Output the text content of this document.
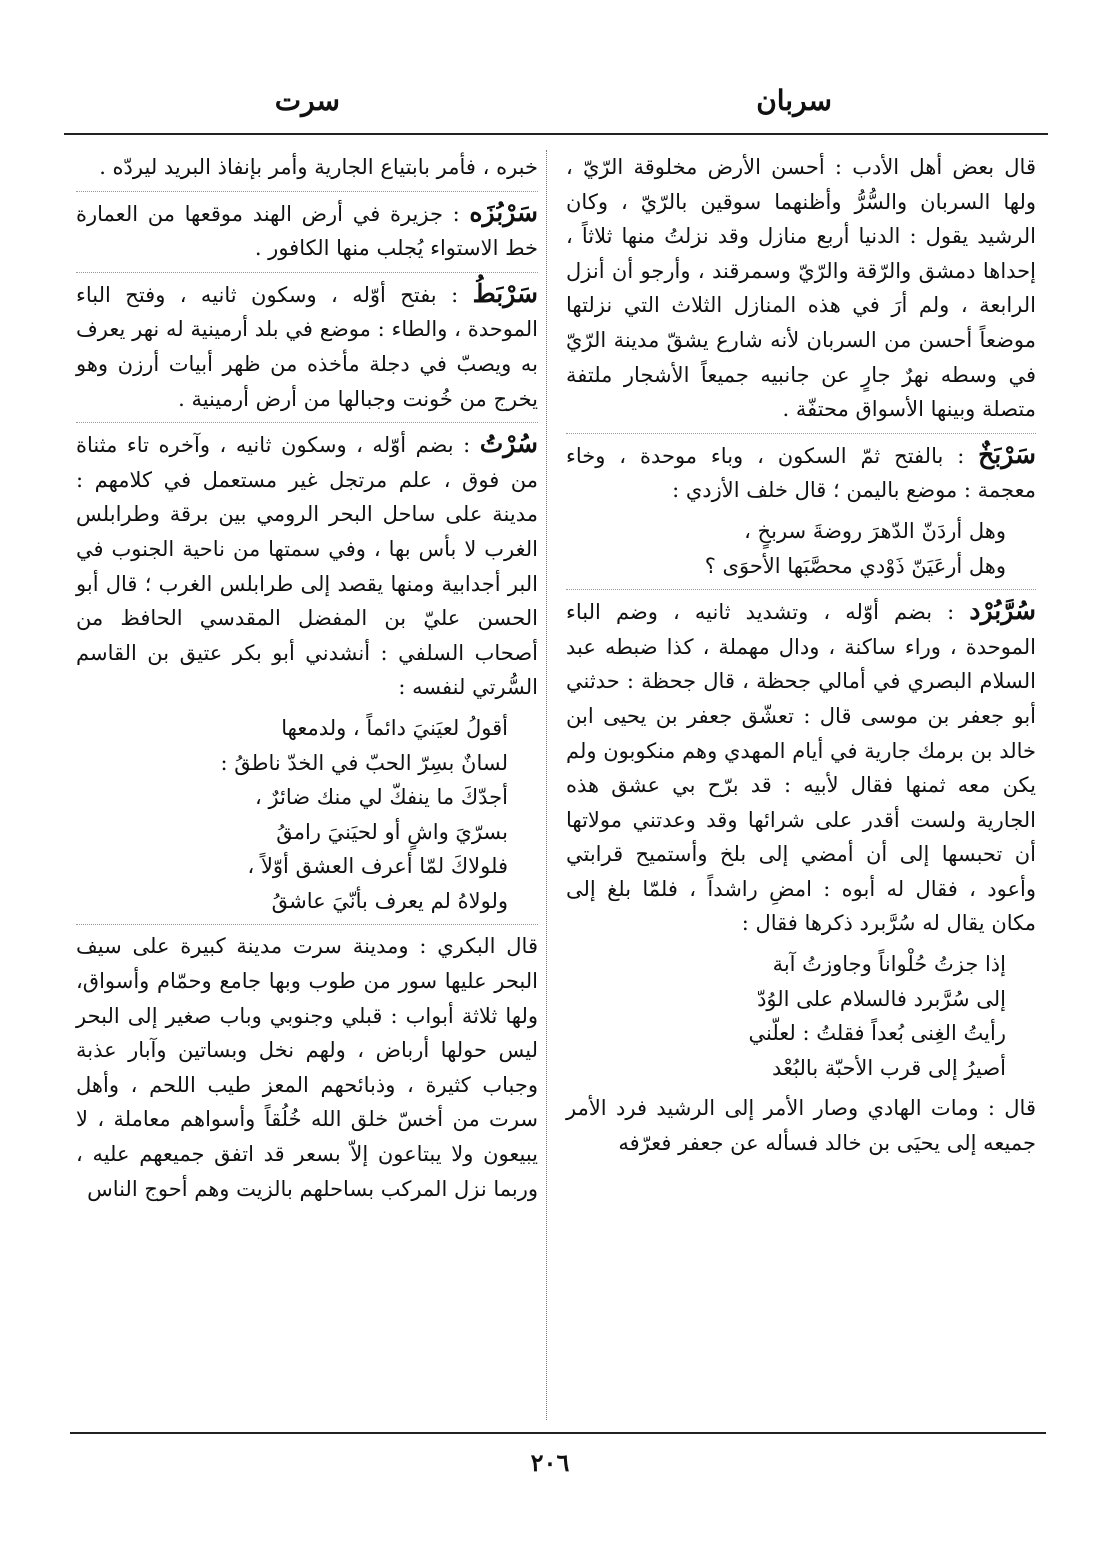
سربان
سرت

قال بعض أهل الأدب : أحسن الأرض مخلوقة الرّيّ ، ولها السربان والسُّرُّ وأظنهما سوقين بالرّيّ ، وكان الرشيد يقول : الدنيا أربع منازل وقد نزلتُ منها ثلاثاً ، إحداها دمشق والرّقة والرّيّ وسمرقند ، وأرجو أن أنزل الرابعة ، ولم أرَ في هذه المنازل الثلاث التي نزلتها موضعاً أحسن من السربان لأنه شارع يشقّ مدينة الرّيّ في وسطه نهرٌ جارٍ عن جانبيه جميعاً الأشجار ملتفة متصلة وبينها الأسواق محتفّة .

سَرْبَخٌ : بالفتح ثمّ السكون ، وباء موحدة ، وخاء معجمة : موضع باليمن ؛ قال خلف الأزدي :

وهل أردَنّ الدّهرَ روضةَ سربخٍ ،
وهل أرعَيَنّ ذَوْدي محصَّبَها الأحوَى ؟

سُرَّبُرْد : بضم أوّله ، وتشديد ثانيه ، وضم الباء الموحدة ، وراء ساكنة ، ودال مهملة ، كذا ضبطه عبد السلام البصري في أمالي جحظة ، قال جحظة : حدثني أبو جعفر بن موسى قال : تعشّق جعفر بن يحيى ابن خالد بن برمك جارية في أيام المهدي وهم منكوبون ولم يكن معه ثمنها فقال لأبيه : قد برّح بي عشق هذه الجارية ولست أقدر على شرائها وقد وعدتني مولاتها أن تحبسها إلى أن أمضي إلى بلخ وأستميح قرابتي وأعود ، فقال له أبوه : امضِ راشداً ، فلمّا بلغ إلى مكان يقال له سُرَّبرد ذكرها فقال :

إذا جزتُ حُلْواناً وجاوزتُ آبة
إلى سُرَّبرد فالسلام على الوُدّ
رأيتُ الغِنى بُعداً فقلتُ : لعلّني
أصيرُ إلى قرب الأحبّة بالبُعْد

قال : ومات الهادي وصار الأمر إلى الرشيد فرد الأمر جميعه إلى يحيَى بن خالد فسأله عن جعفر فعرّفه

خبره ، فأمر بابتياع الجارية وأمر بإنفاذ البريد ليردّه .

سَرْبُزَه : جزيرة في أرض الهند موقعها من العمارة خط الاستواء يُجلب منها الكافور .

سَرْبَطُ : بفتح أوّله ، وسكون ثانيه ، وفتح الباء الموحدة ، والطاء : موضع في بلد أرمينية له نهر يعرف به ويصبّ في دجلة مأخذه من ظهر أبيات أرزن وهو يخرج من خُونت وجبالها من أرض أرمينية .

سُرْتُ : بضم أوّله ، وسكون ثانيه ، وآخره تاء مثناة من فوق ، علم مرتجل غير مستعمل في كلامهم : مدينة على ساحل البحر الرومي بين برقة وطرابلس الغرب لا بأس بها ، وفي سمتها من ناحية الجنوب في البر أجدابية ومنها يقصد إلى طرابلس الغرب ؛ قال أبو الحسن عليّ بن المفضل المقدسي الحافظ من أصحاب السلفي : أنشدني أبو بكر عتيق بن القاسم السُّرتي لنفسه :

أقولُ لعيَنيَ دائماً ، ولدمعها
لسانٌ بسِرّ الحبّ في الخدّ ناطقُ :
أجدّكَ ما ينفكّ لي منك ضائرٌ ،
بسرّيَ واشٍ أو لحيَنيَ رامقُ
فلولاكَ لمّا أعرف العشق أوّلاً ،
ولولاهُ لم يعرف بأنّيَ عاشقُ

قال البكري : ومدينة سرت مدينة كبيرة على سيف البحر عليها سور من طوب وبها جامع وحمّام وأسواق، ولها ثلاثة أبواب : قبلي وجنوبي وباب صغير إلى البحر ليس حولها أرباض ، ولهم نخل وبساتين وآبار عذبة وجباب كثيرة ، وذبائحهم المعز طيب اللحم ، وأهل سرت من أخسّ خلق الله خُلُقاً وأسواهم معاملة ، لا يبيعون ولا يبتاعون إلاّ بسعر قد اتفق جميعهم عليه ، وربما نزل المركب بساحلهم بالزيت وهم أحوج الناس

٢٠٦
